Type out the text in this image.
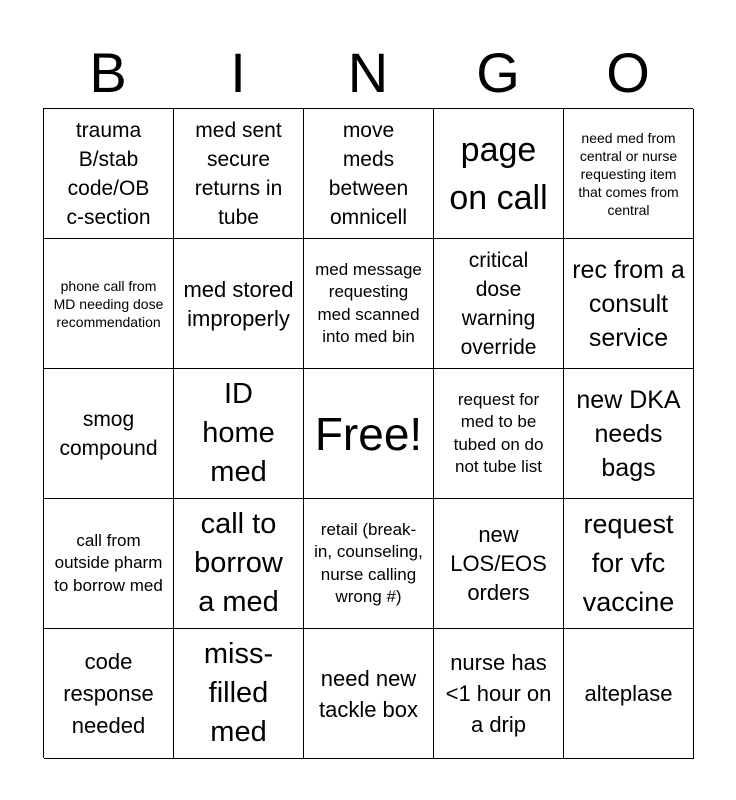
B	I	N	G	O
trauma B/stab code/OB c-section
med sent secure returns in tube
move meds between omnicell
page on call
need med from central or nurse requesting item that comes from central
phone call from MD needing dose recommendation
med stored improperly
med message requesting med scanned into med bin
critical dose warning override
rec from a consult service
smog compound
ID home med
Free!
request for med to be tubed on do not tube list
new DKA needs bags
call from outside pharm to borrow med
call to borrow a med
retail (break-in, counseling, nurse calling wrong #)
new LOS/EOS orders
request for vfc vaccine
code response needed
miss-filled med
need new tackle box
nurse has <1 hour on a drip
alteplase
